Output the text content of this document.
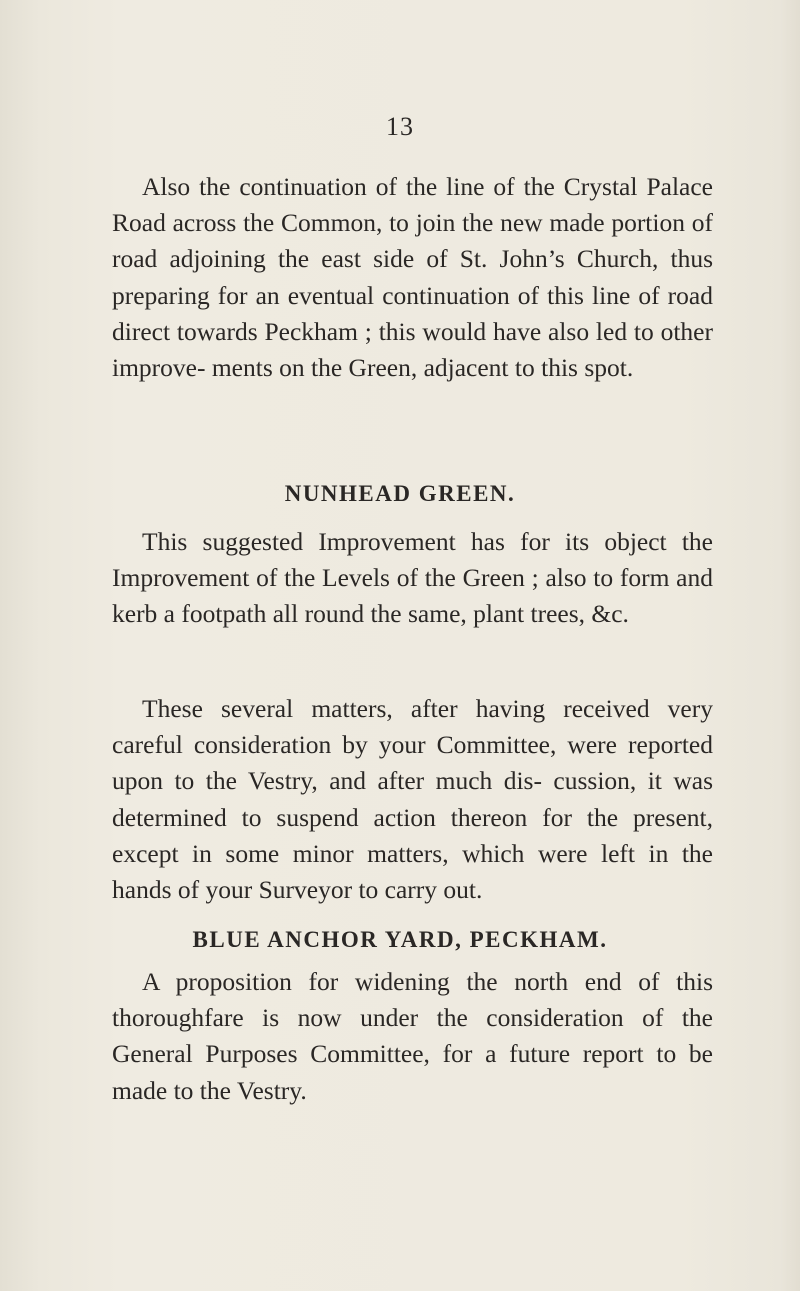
13

Also the continuation of the line of the Crystal Palace Road across the Common, to join the new made portion of road adjoining the east side of St. John’s Church, thus preparing for an eventual continuation of this line of road direct towards Peckham ; this would have also led to other improve- ments on the Green, adjacent to this spot.

NUNHEAD GREEN.

This suggested Improvement has for its object the Improvement of the Levels of the Green ; also to form and kerb a footpath all round the same, plant trees, &c.

These several matters, after having received very careful consideration by your Committee, were reported upon to the Vestry, and after much dis- cussion, it was determined to suspend action thereon for the present, except in some minor matters, which were left in the hands of your Surveyor to carry out.

BLUE ANCHOR YARD, PECKHAM.

A proposition for widening the north end of this thoroughfare is now under the consideration of the General Purposes Committee, for a future report to be made to the Vestry.
